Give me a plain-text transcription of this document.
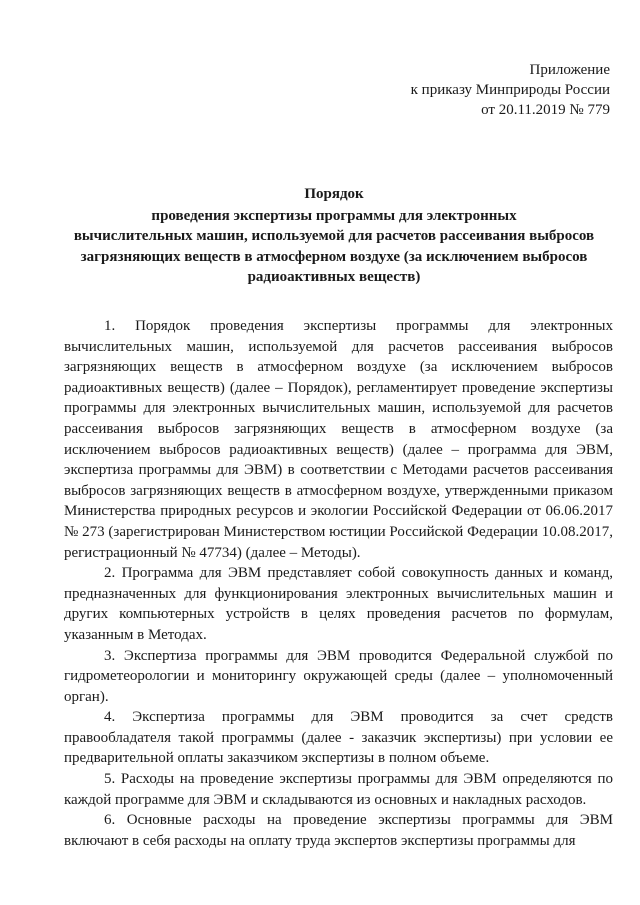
Приложение
к приказу Минприроды России
от 20.11.2019 № 779
Порядок
проведения экспертизы программы для электронных
вычислительных машин, используемой для расчетов рассеивания выбросов
загрязняющих веществ в атмосферном воздухе (за исключением выбросов
радиоактивных веществ)

1. Порядок проведения экспертизы программы для электронных вычислительных машин, используемой для расчетов рассеивания выбросов загрязняющих веществ в атмосферном воздухе (за исключением выбросов радиоактивных веществ) (далее – Порядок), регламентирует проведение экспертизы программы для электронных вычислительных машин, используемой для расчетов рассеивания выбросов загрязняющих веществ в атмосферном воздухе (за исключением выбросов радиоактивных веществ) (далее – программа для ЭВМ, экспертиза программы для ЭВМ) в соответствии с Методами расчетов рассеивания выбросов загрязняющих веществ в атмосферном воздухе, утвержденными приказом Министерства природных ресурсов и экологии Российской Федерации от 06.06.2017 № 273 (зарегистрирован Министерством юстиции Российской Федерации 10.08.2017, регистрационный № 47734) (далее – Методы).

2. Программа для ЭВМ представляет собой совокупность данных и команд, предназначенных для функционирования электронных вычислительных машин и других компьютерных устройств в целях проведения расчетов по формулам, указанным в Методах.

3. Экспертиза программы для ЭВМ проводится Федеральной службой по гидрометеорологии и мониторингу окружающей среды (далее – уполномоченный орган).

4. Экспертиза программы для ЭВМ проводится за счет средств правообладателя такой программы (далее - заказчик экспертизы) при условии ее предварительной оплаты заказчиком экспертизы в полном объеме.

5. Расходы на проведение экспертизы программы для ЭВМ определяются по каждой программе для ЭВМ и складываются из основных и накладных расходов.

6. Основные расходы на проведение экспертизы программы для ЭВМ включают в себя расходы на оплату труда экспертов экспертизы программы для
